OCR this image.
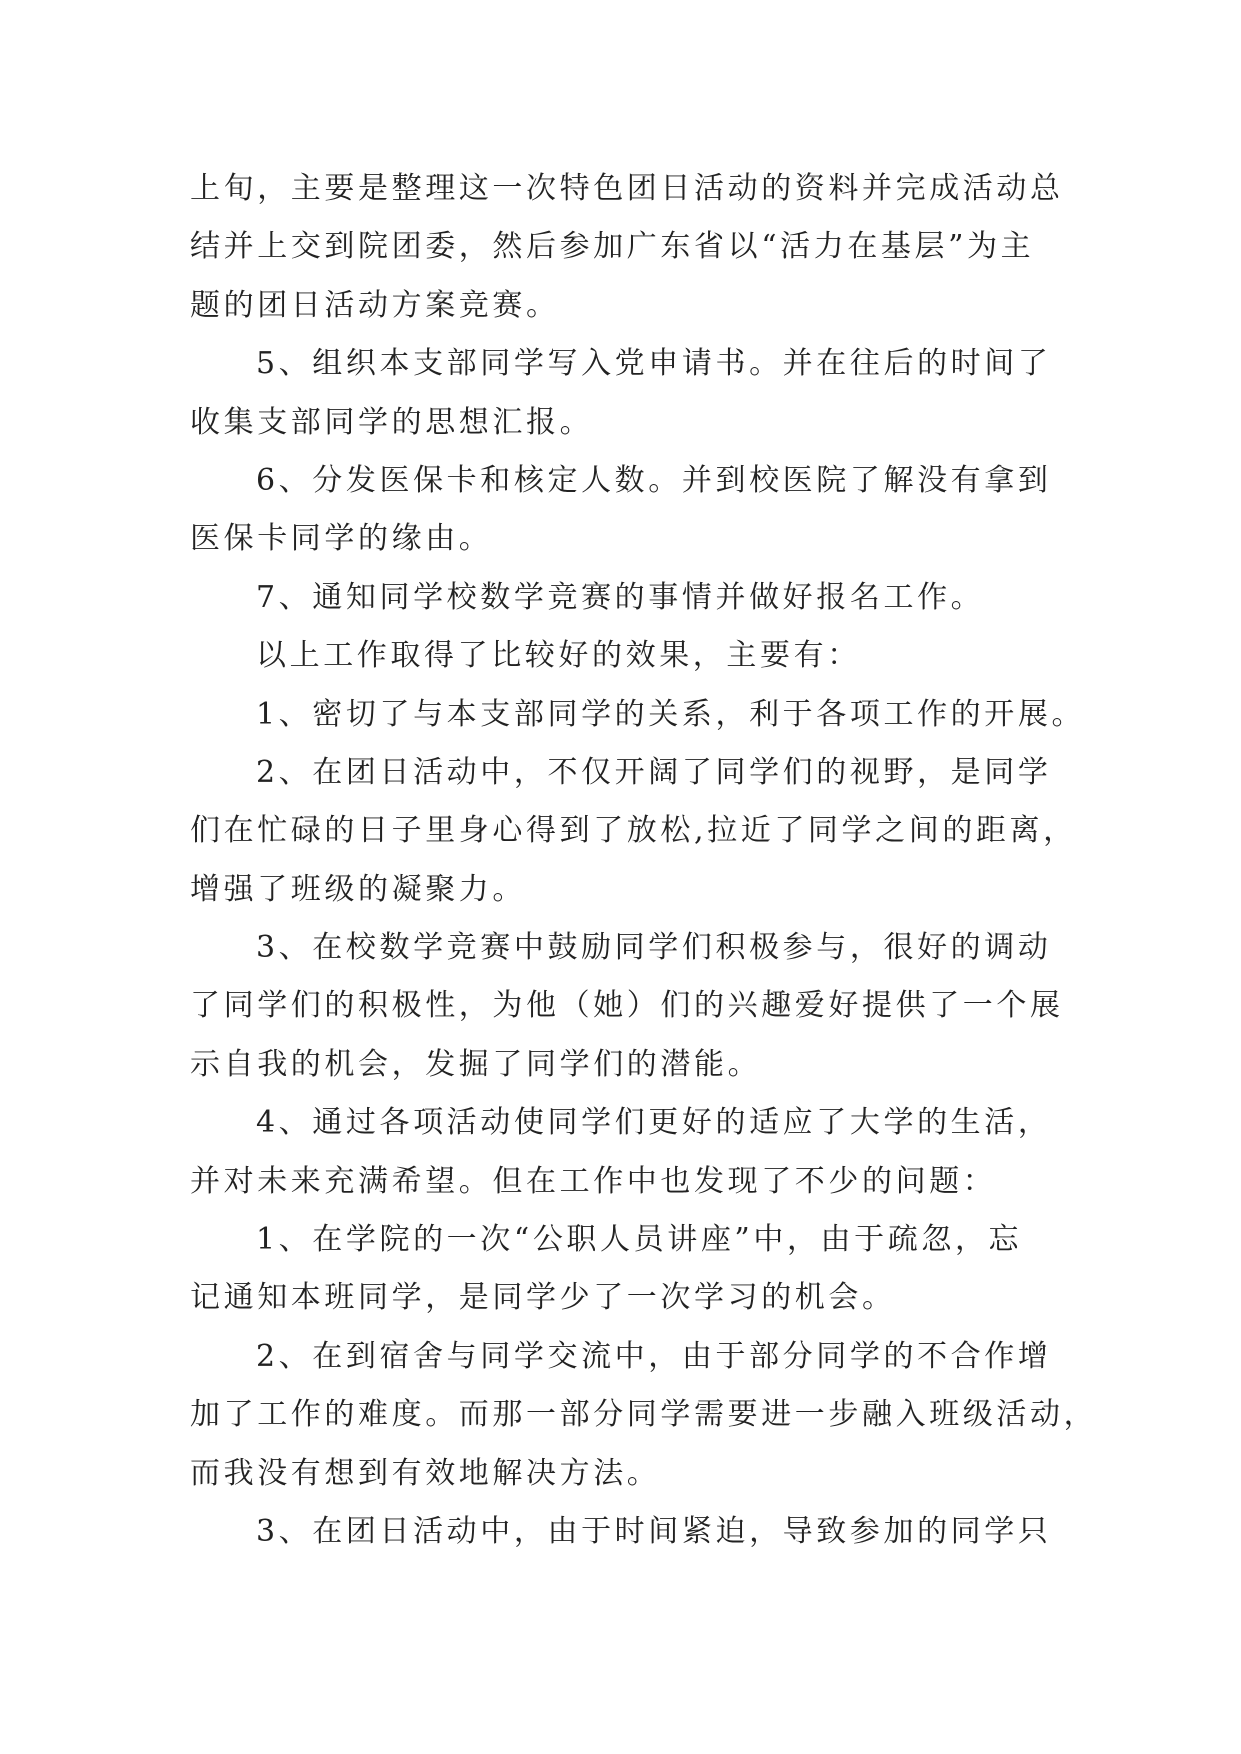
上旬，主要是整理这一次特色团日活动的资料并完成活动总
结并上交到院团委，然后参加广东省以“活力在基层”为主
题的团日活动方案竞赛。
5、组织本支部同学写入党申请书。并在往后的时间了
收集支部同学的思想汇报。
6、分发医保卡和核定人数。并到校医院了解没有拿到
医保卡同学的缘由。
7、通知同学校数学竞赛的事情并做好报名工作。
以上工作取得了比较好的效果，主要有：
1、密切了与本支部同学的关系，利于各项工作的开展。
2、在团日活动中，不仅开阔了同学们的视野，是同学
们在忙碌的日子里身心得到了放松,拉近了同学之间的距离，
增强了班级的凝聚力。
3、在校数学竞赛中鼓励同学们积极参与，很好的调动
了同学们的积极性，为他（她）们的兴趣爱好提供了一个展
示自我的机会，发掘了同学们的潜能。
4、通过各项活动使同学们更好的适应了大学的生活，
并对未来充满希望。但在工作中也发现了不少的问题：
1、在学院的一次“公职人员讲座”中，由于疏忽，忘
记通知本班同学，是同学少了一次学习的机会。
2、在到宿舍与同学交流中，由于部分同学的不合作增
加了工作的难度。而那一部分同学需要进一步融入班级活动，
而我没有想到有效地解决方法。
3、在团日活动中，由于时间紧迫，导致参加的同学只
